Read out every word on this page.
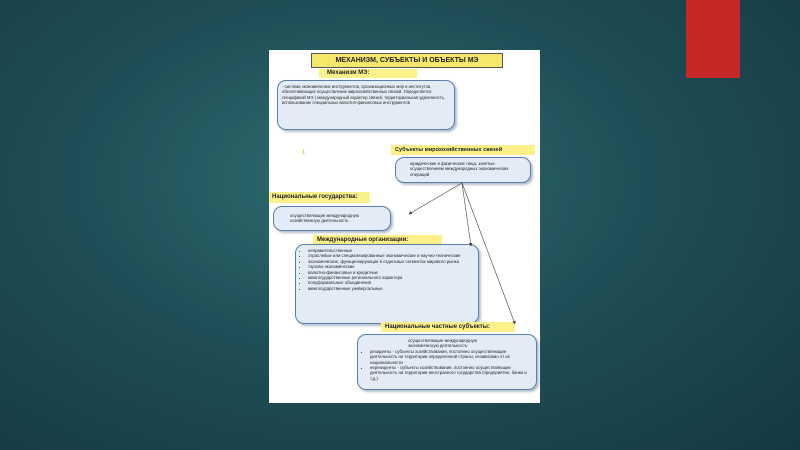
МЕХАНИЗМ, СУБЪЕКТЫ И ОБЪЕКТЫ МЭ
Механизм МЭ:
- система экономических инструментов, организационных мер и институтов, обеспечивающих осуществление мирохозяйственных связей. Определяется спецификой МЭ ( международный характер связей, территориальная удаленность, использование специальных валютно-финансовых инструментов
1	Субъекты мирохозяйственных связей
юридические и физические лица, занятые осуществлением международных экономических операций
Национальные государства:
осуществляющие международную хозяйственную деятельность
Международные организации:
• неправительственные
• отраслевые или специализированные экономические и научно-технические
• экономические, функционирующие в отдельных сегментах мирового рынка
• торгово-экономические
• валютно-финансовые и кредитные
• межгосударственные регионального характера
• полуформальные объединения
• межгосударственные универсальные
Национальные частные субъекты:
осуществляющие международную экономическую деятельность:
• резиденты - субъекты хозяйствования, постоянно осуществляющие деятельность на территории определенной страны, независимо от их национальности
• нерезиденты - субъекты хозяйствования, постоянно осуществляющие деятельность на территории иностранного государства (предприятие, банки и т.д.)
